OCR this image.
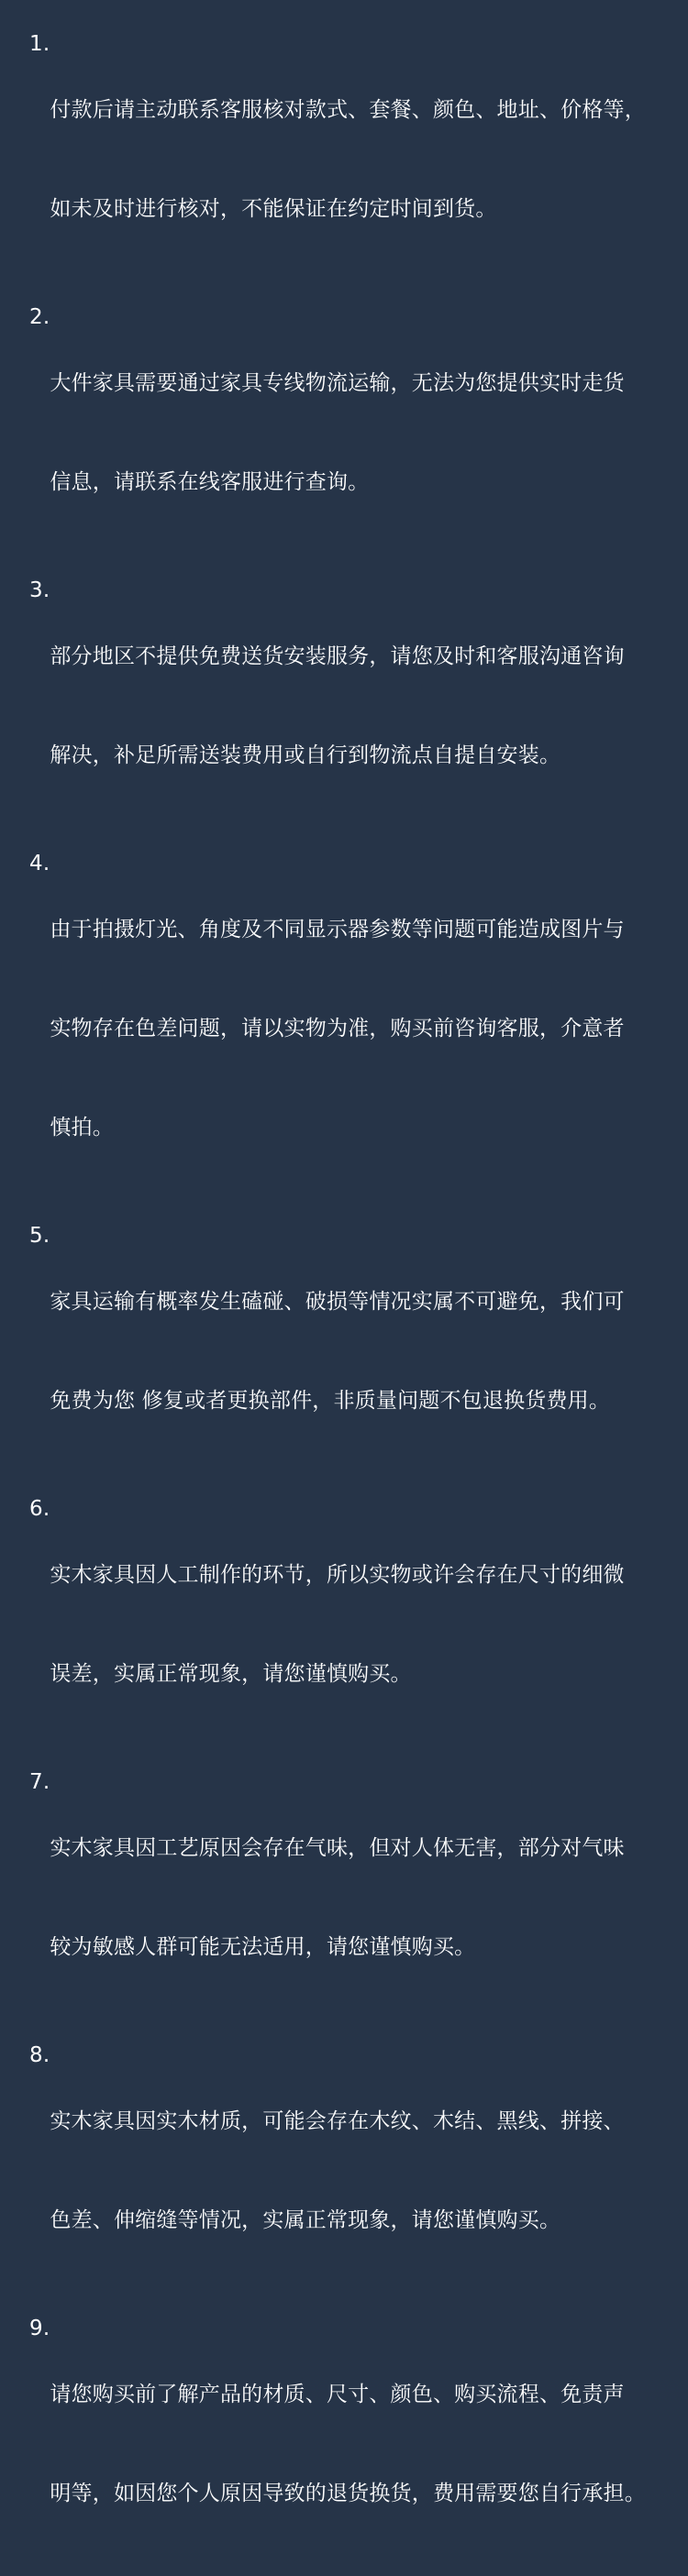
1.

付款后请主动联系客服核对款式、套餐、颜色、地址、价格等，

如未及时进行核对，不能保证在约定时间到货。

2.

大件家具需要通过家具专线物流运输，无法为您提供实时走货

信息，请联系在线客服进行查询。

3.

部分地区不提供免费送货安装服务，请您及时和客服沟通咨询

解决，补足所需送装费用或自行到物流点自提自安装。

4.

由于拍摄灯光、角度及不同显示器参数等问题可能造成图片与

实物存在色差问题，请以实物为准，购买前咨询客服，介意者

慎拍。

5.

家具运输有概率发生磕碰、破损等情况实属不可避免，我们可

免费为您 修复或者更换部件，非质量问题不包退换货费用。

6.

实木家具因人工制作的环节，所以实物或许会存在尺寸的细微

误差，实属正常现象，请您谨慎购买。

7.

实木家具因工艺原因会存在气味，但对人体无害，部分对气味

较为敏感人群可能无法适用，请您谨慎购买。

8.

实木家具因实木材质，可能会存在木纹、木结、黑线、拼接、

色差、伸缩缝等情况，实属正常现象，请您谨慎购买。

9.

请您购买前了解产品的材质、尺寸、颜色、购买流程、免责声

明等，如因您个人原因导致的退货换货，费用需要您自行承担。
